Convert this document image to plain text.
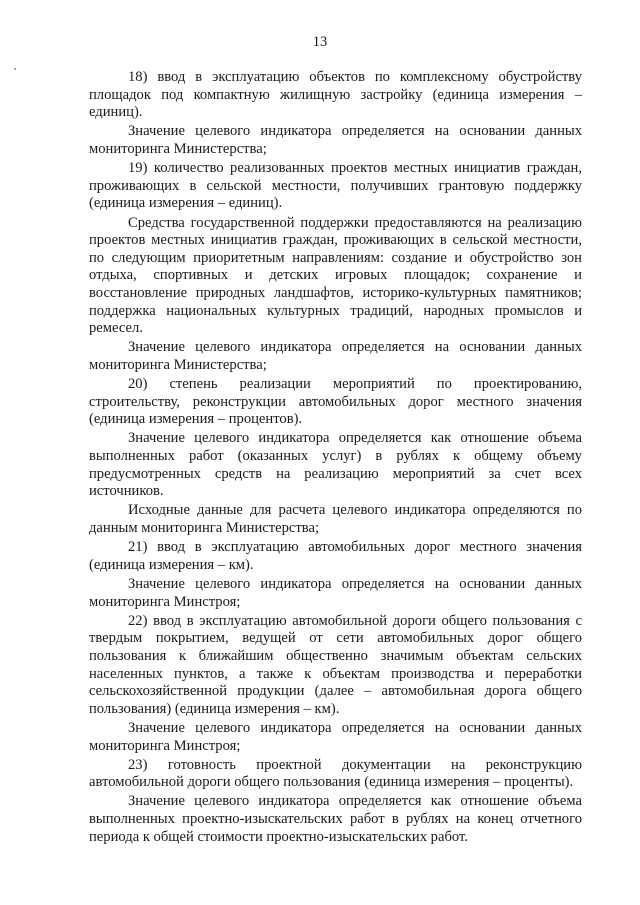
13

18) ввод в эксплуатацию объектов по комплексному обустройству площадок под компактную жилищную застройку (единица измерения – единиц).

Значение целевого индикатора определяется на основании данных мониторинга Министерства;

19) количество реализованных проектов местных инициатив граждан, проживающих в сельской местности, получивших грантовую поддержку (единица измерения – единиц).

Средства государственной поддержки предоставляются на реализацию проектов местных инициатив граждан, проживающих в сельской местности, по следующим приоритетным направлениям: создание и обустройство зон отдыха, спортивных и детских игровых площадок; сохранение и восстановление природных ландшафтов, историко-культурных памятников; поддержка национальных культурных традиций, народных промыслов и ремесел.

Значение целевого индикатора определяется на основании данных мониторинга Министерства;

20) степень реализации мероприятий по проектированию, строительству, реконструкции автомобильных дорог местного значения (единица измерения – процентов).

Значение целевого индикатора определяется как отношение объема выполненных работ (оказанных услуг) в рублях к общему объему предусмотренных средств на реализацию мероприятий за счет всех источников.

Исходные данные для расчета целевого индикатора определяются по данным мониторинга Министерства;

21) ввод в эксплуатацию автомобильных дорог местного значения (единица измерения – км).

Значение целевого индикатора определяется на основании данных мониторинга Минстроя;

22) ввод в эксплуатацию автомобильной дороги общего пользования с твердым покрытием, ведущей от сети автомобильных дорог общего пользования к ближайшим общественно значимым объектам сельских населенных пунктов, а также к объектам производства и переработки сельскохозяйственной продукции (далее – автомобильная дорога общего пользования) (единица измерения – км).

Значение целевого индикатора определяется на основании данных мониторинга Минстроя;

23) готовность проектной документации на реконструкцию автомобильной дороги общего пользования (единица измерения – проценты).

Значение целевого индикатора определяется как отношение объема выполненных проектно-изыскательских работ в рублях на конец отчетного периода к общей стоимости проектно-изыскательских работ.
